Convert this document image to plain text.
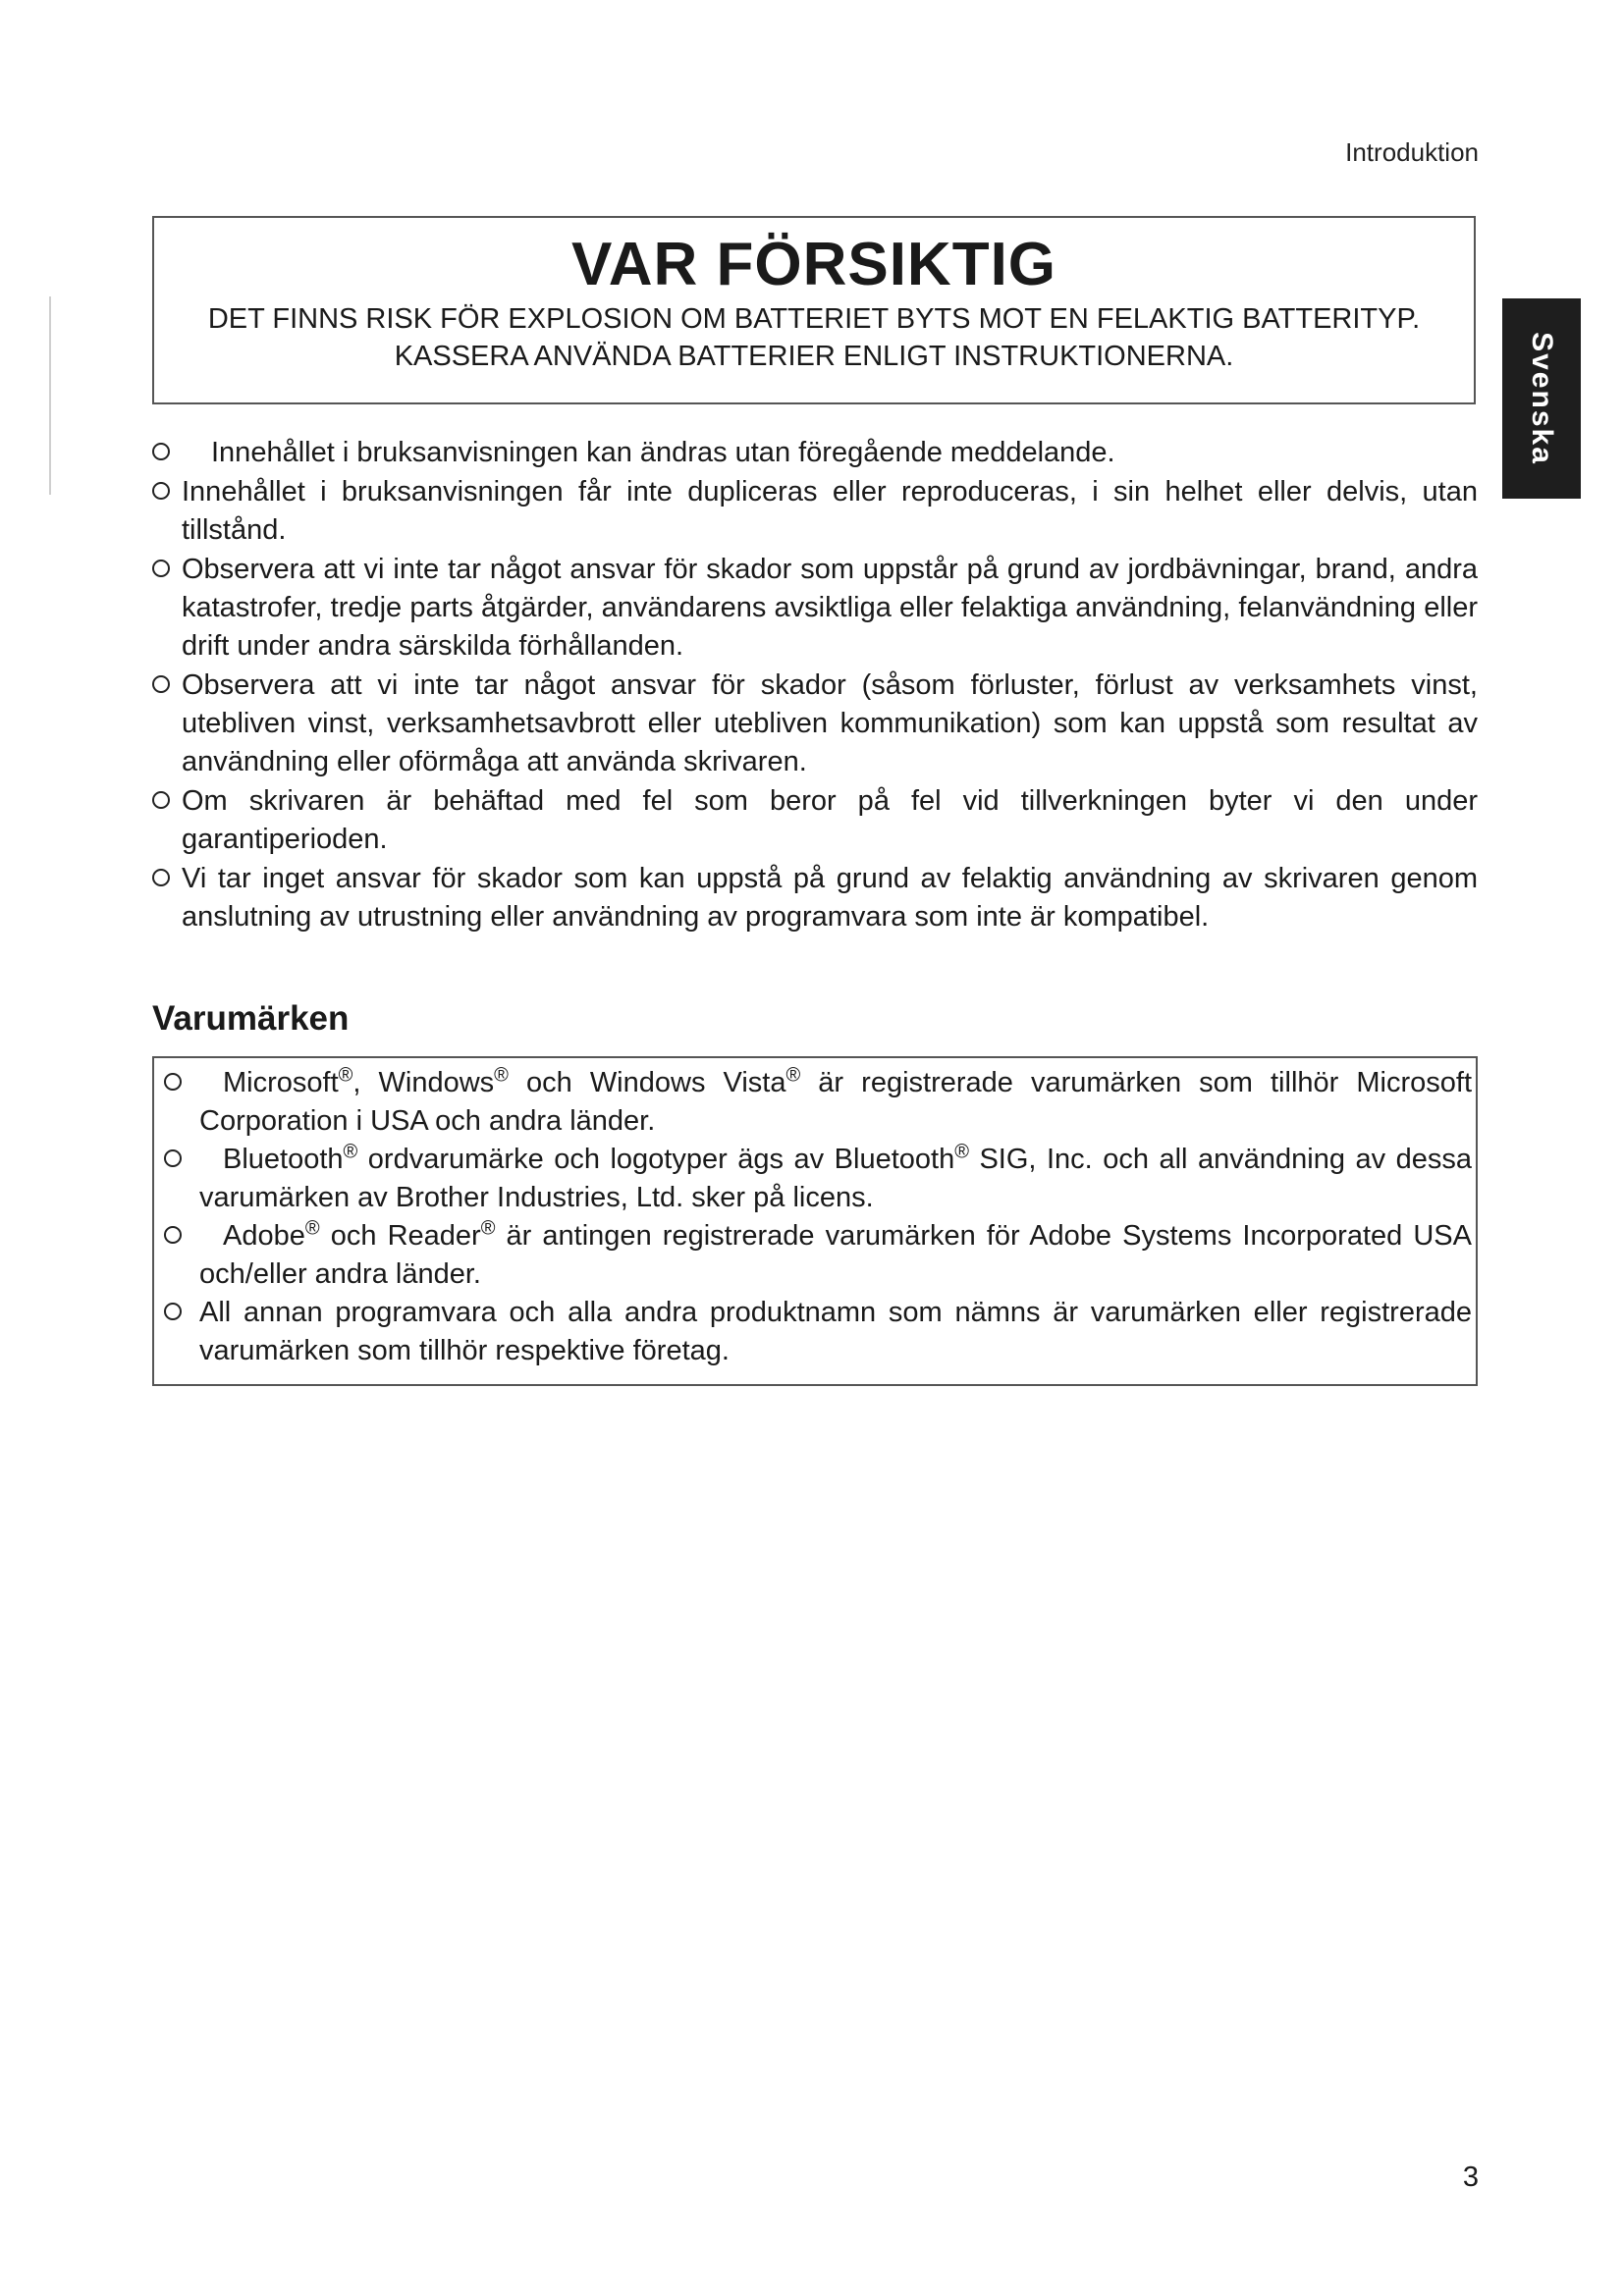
Introduktion
Svenska
VAR FÖRSIKTIG
DET FINNS RISK FÖR EXPLOSION OM BATTERIET BYTS MOT EN FELAKTIG BATTERITYP.
KASSERA ANVÄNDA BATTERIER ENLIGT INSTRUKTIONERNA.
Innehållet i bruksanvisningen kan ändras utan föregående meddelande.
Innehållet i bruksanvisningen får inte dupliceras eller reproduceras, i sin helhet eller delvis, utan tillstånd.
Observera att vi inte tar något ansvar för skador som uppstår på grund av jordbävningar, brand, andra katastrofer, tredje parts åtgärder, användarens avsiktliga eller felaktiga användning, felanvändning eller drift under andra särskilda förhållanden.
Observera att vi inte tar något ansvar för skador (såsom förluster, förlust av verksamhets vinst, utebliven vinst, verksamhetsavbrott eller utebliven kommunikation) som kan uppstå som resultat av användning eller oförmåga att använda skrivaren.
Om skrivaren är behäftad med fel som beror på fel vid tillverkningen byter vi den under garantiperioden.
Vi tar inget ansvar för skador som kan uppstå på grund av felaktig användning av skrivaren genom anslutning av utrustning eller användning av programvara som inte är kompatibel.
Varumärken
Microsoft®, Windows® och Windows Vista® är registrerade varumärken som tillhör Microsoft Corporation i USA och andra länder.
Bluetooth® ordvarumärke och logotyper ägs av Bluetooth® SIG, Inc. och all användning av dessa varumärken av Brother Industries, Ltd. sker på licens.
Adobe® och Reader® är antingen registrerade varumärken för Adobe Systems Incorporated USA och/eller andra länder.
All annan programvara och alla andra produktnamn som nämns är varumärken eller registrerade varumärken som tillhör respektive företag.
3
